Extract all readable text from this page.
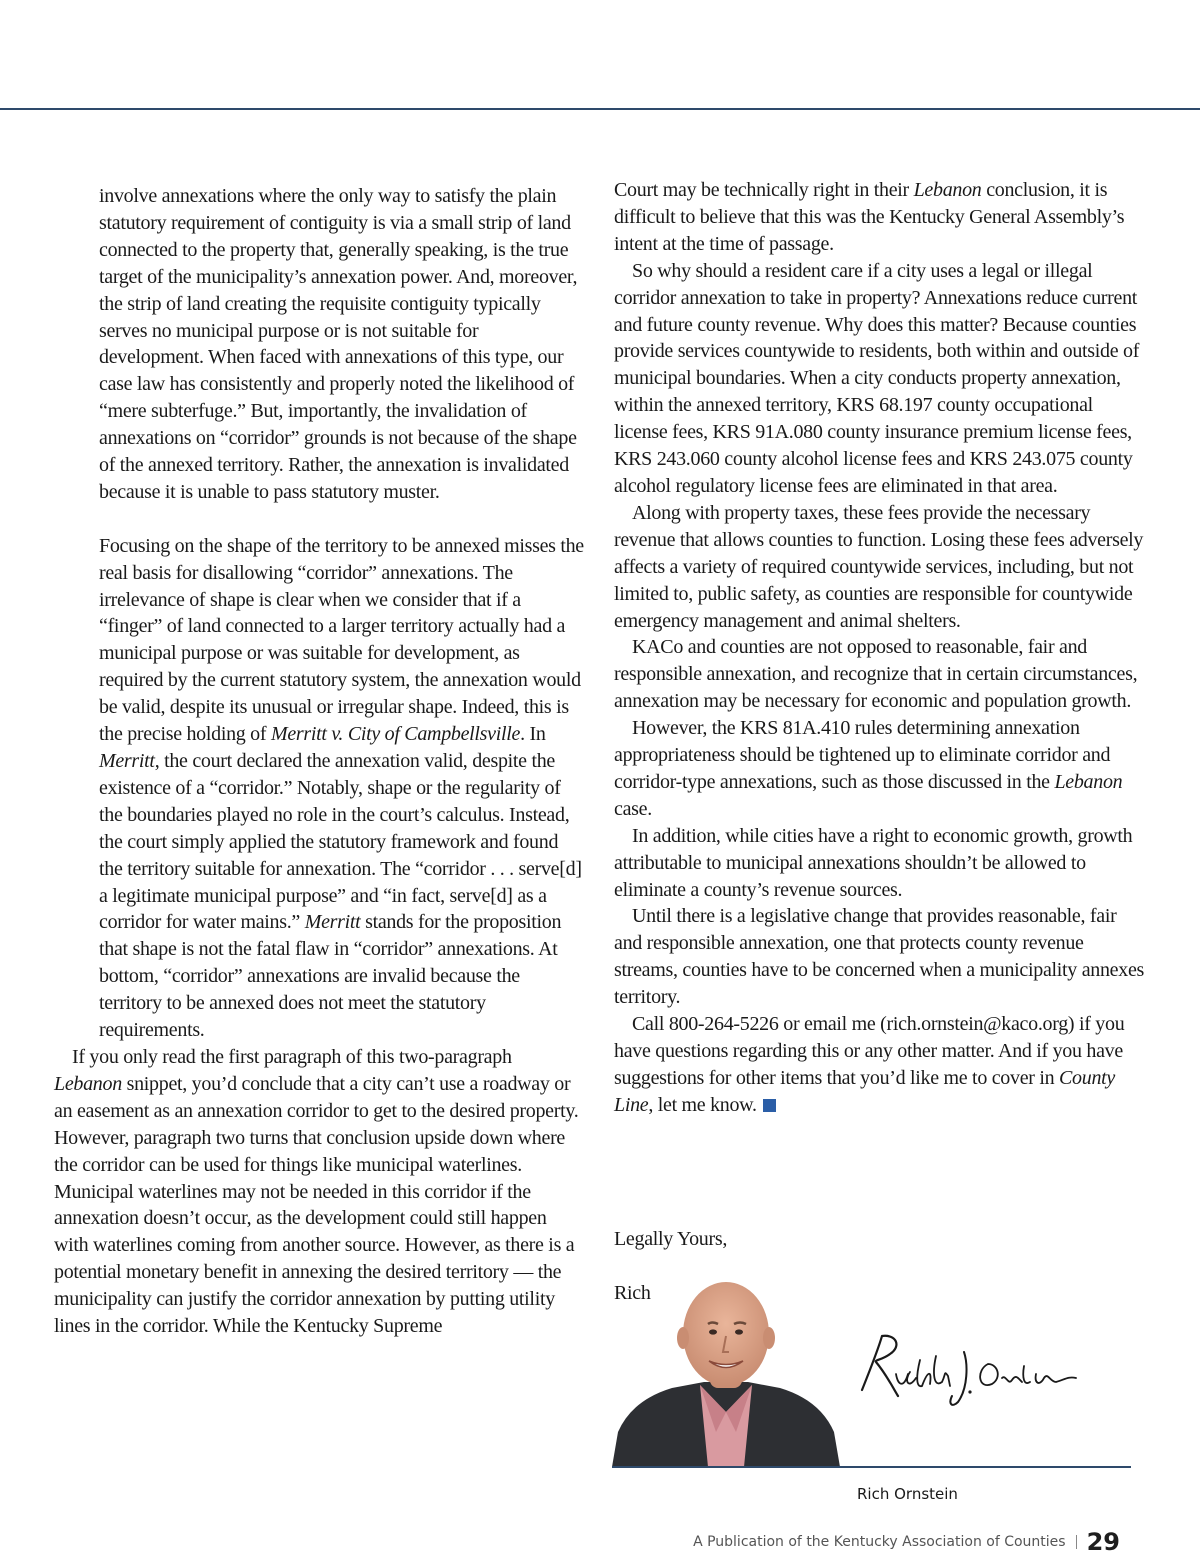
involve annexations where the only way to satisfy the plain statutory requirement of contiguity is via a small strip of land connected to the property that, generally speaking, is the true target of the municipality’s annexation power. And, moreover, the strip of land creating the requisite contiguity typically serves no municipal purpose or is not suitable for development. When faced with annexations of this type, our case law has consistently and properly noted the likelihood of “mere subterfuge.” But, importantly, the invalidation of annexations on “corridor” grounds is not because of the shape of the annexed territory. Rather, the annexation is invalidated because it is unable to pass statutory muster.

Focusing on the shape of the territory to be annexed misses the real basis for disallowing “corridor” annexations. The irrelevance of shape is clear when we consider that if a “finger” of land connected to a larger territory actually had a municipal purpose or was suitable for development, as required by the current statutory system, the annexation would be valid, despite its unusual or irregular shape. Indeed, this is the precise holding of Merritt v. City of Campbellsville. In Merritt, the court declared the annexation valid, despite the existence of a “corridor.” Notably, shape or the regularity of the boundaries played no role in the court’s calculus. Instead, the court simply applied the statutory framework and found the territory suitable for annexation. The “corridor . . . serve[d] a legitimate municipal purpose” and “in fact, serve[d] as a corridor for water mains.” Merritt stands for the proposition that shape is not the fatal flaw in “corridor” annexations. At bottom, “corridor” annexations are invalid because the territory to be annexed does not meet the statutory requirements.

If you only read the first paragraph of this two-paragraph Lebanon snippet, you’d conclude that a city can’t use a roadway or an easement as an annexation corridor to get to the desired property. However, paragraph two turns that conclusion upside down where the corridor can be used for things like municipal waterlines. Municipal waterlines may not be needed in this corridor if the annexation doesn’t occur, as the development could still happen with waterlines coming from another source. However, as there is a potential monetary benefit in annexing the desired territory — the municipality can justify the corridor annexation by putting utility lines in the corridor. While the Kentucky Supreme

Court may be technically right in their Lebanon conclusion, it is difficult to believe that this was the Kentucky General Assembly’s intent at the time of passage.

So why should a resident care if a city uses a legal or illegal corridor annexation to take in property? Annexations reduce current and future county revenue. Why does this matter? Because counties provide services countywide to residents, both within and outside of municipal boundaries. When a city conducts property annexation, within the annexed territory, KRS 68.197 county occupational license fees, KRS 91A.080 county insurance premium license fees, KRS 243.060 county alcohol license fees and KRS 243.075 county alcohol regulatory license fees are eliminated in that area.

Along with property taxes, these fees provide the necessary revenue that allows counties to function. Losing these fees adversely affects a variety of required countywide services, including, but not limited to, public safety, as counties are responsible for countywide emergency management and animal shelters.

KACo and counties are not opposed to reasonable, fair and responsible annexation, and recognize that in certain circumstances, annexation may be necessary for economic and population growth.

However, the KRS 81A.410 rules determining annexation appropriateness should be tightened up to eliminate corridor and corridor-type annexations, such as those discussed in the Lebanon case.

In addition, while cities have a right to economic growth, growth attributable to municipal annexations shouldn’t be allowed to eliminate a county’s revenue sources.

Until there is a legislative change that provides reasonable, fair and responsible annexation, one that protects county revenue streams, counties have to be concerned when a municipality annexes territory.

Call 800-264-5226 or email me (rich.ornstein@kaco.org) if you have questions regarding this or any other matter. And if you have suggestions for other items that you’d like me to cover in County Line, let me know.

Legally Yours,

Rich

Rich Ornstein

A Publication of the Kentucky Association of Counties 29
